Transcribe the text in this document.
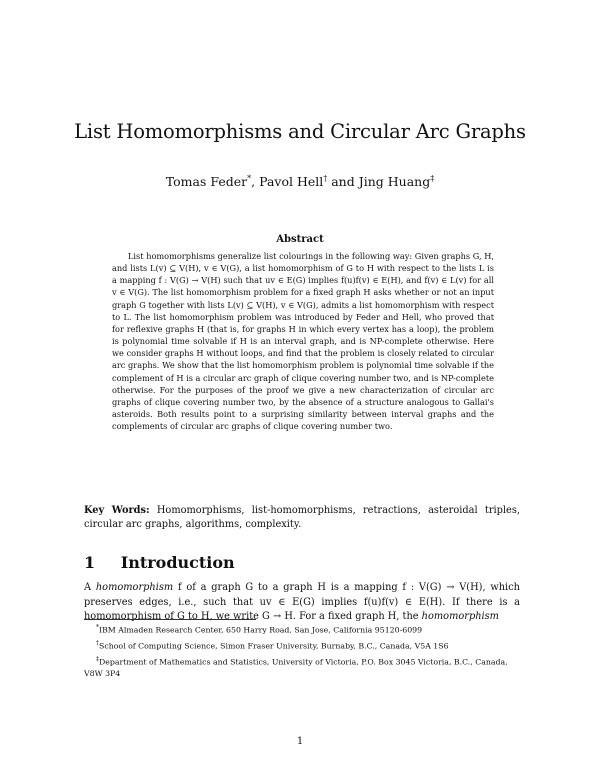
List Homomorphisms and Circular Arc Graphs
Tomas Feder*, Pavol Hell† and Jing Huang‡
Abstract
List homomorphisms generalize list colourings in the following way: Given graphs G, H, and lists L(v) ⊆ V(H), v ∈ V(G), a list homomorphism of G to H with respect to the lists L is a mapping f : V(G) → V(H) such that uv ∈ E(G) implies f(u)f(v) ∈ E(H), and f(v) ∈ L(v) for all v ∈ V(G). The list homomorphism problem for a fixed graph H asks whether or not an input graph G together with lists L(v) ⊆ V(H), v ∈ V(G), admits a list homomorphism with respect to L. The list homomorphism problem was introduced by Feder and Hell, who proved that for reflexive graphs H (that is, for graphs H in which every vertex has a loop), the problem is polynomial time solvable if H is an interval graph, and is NP-complete otherwise. Here we consider graphs H without loops, and find that the problem is closely related to circular arc graphs. We show that the list homomorphism problem is polynomial time solvable if the complement of H is a circular arc graph of clique covering number two, and is NP-complete otherwise. For the purposes of the proof we give a new characterization of circular arc graphs of clique covering number two, by the absence of a structure analogous to Gallai's asteroids. Both results point to a surprising similarity between interval graphs and the complements of circular arc graphs of clique covering number two.
Key Words: Homomorphisms, list-homomorphisms, retractions, asteroidal triples, circular arc graphs, algorithms, complexity.
1 Introduction
A homomorphism f of a graph G to a graph H is a mapping f : V(G) → V(H), which preserves edges, i.e., such that uv ∈ E(G) implies f(u)f(v) ∈ E(H). If there is a homomorphism of G to H, we write G → H. For a fixed graph H, the homomorphism
*IBM Almaden Research Center, 650 Harry Road, San Jose, California 95120-6099
†School of Computing Science, Simon Fraser University, Burnaby, B.C., Canada, V5A 1S6
‡Department of Mathematics and Statistics, University of Victoria, P.O. Box 3045 Victoria, B.C., Canada, V8W 3P4
1
